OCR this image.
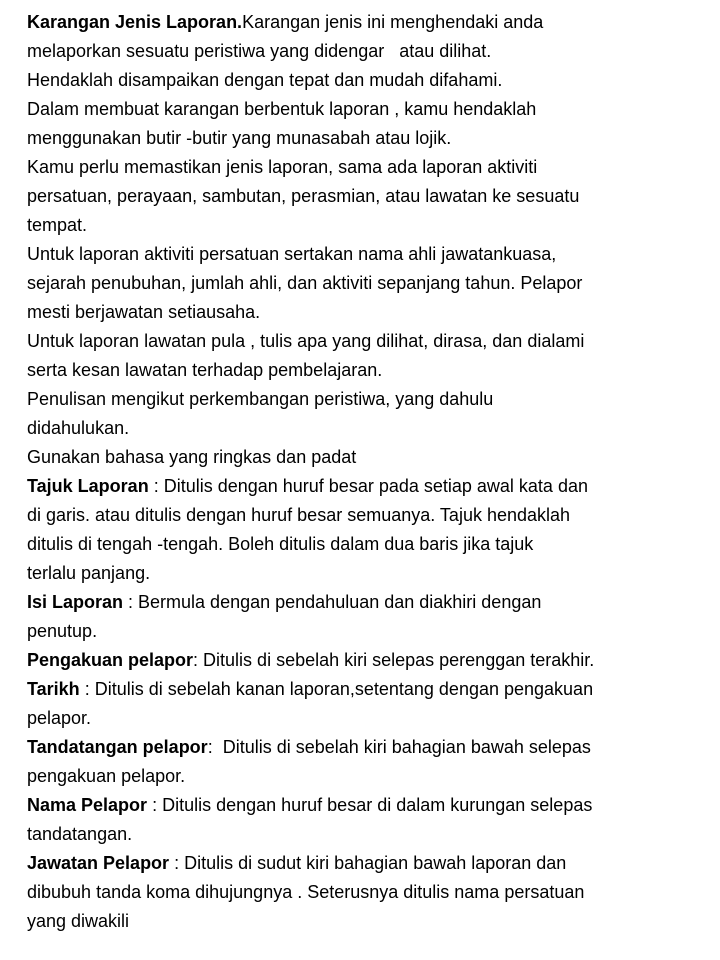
Karangan Jenis Laporan.Karangan jenis ini menghendaki anda
melaporkan sesuatu peristiwa yang didengar   atau dilihat.

Hendaklah disampaikan dengan tepat dan mudah difahami.

Dalam membuat karangan berbentuk laporan , kamu hendaklah
menggunakan butir -butir yang munasabah atau lojik.

Kamu perlu memastikan jenis laporan, sama ada laporan aktiviti
persatuan, perayaan, sambutan, perasmian, atau lawatan ke sesuatu
tempat.

Untuk laporan aktiviti persatuan sertakan nama ahli jawatankuasa,
sejarah penubuhan, jumlah ahli, dan aktiviti sepanjang tahun. Pelapor
mesti berjawatan setiausaha.

Untuk laporan lawatan pula , tulis apa yang dilihat, dirasa, dan dialami
serta kesan lawatan terhadap pembelajaran.

Penulisan mengikut perkembangan peristiwa, yang dahulu
didahulukan.

Gunakan bahasa yang ringkas dan padat

Tajuk Laporan : Ditulis dengan huruf besar pada setiap awal kata dan
di garis. atau ditulis dengan huruf besar semuanya. Tajuk hendaklah
ditulis di tengah -tengah. Boleh ditulis dalam dua baris jika tajuk
terlalu panjang.

Isi Laporan : Bermula dengan pendahuluan dan diakhiri dengan
penutup.

Pengakuan pelapor: Ditulis di sebelah kiri selepas perenggan terakhir.

Tarikh : Ditulis di sebelah kanan laporan,setentang dengan pengakuan
pelapor.

Tandatangan pelapor:  Ditulis di sebelah kiri bahagian bawah selepas
pengakuan pelapor.

Nama Pelapor : Ditulis dengan huruf besar di dalam kurungan selepas
tandatangan.

Jawatan Pelapor : Ditulis di sudut kiri bahagian bawah laporan dan
dibubuh tanda koma dihujungnya . Seterusnya ditulis nama persatuan
yang diwakili
